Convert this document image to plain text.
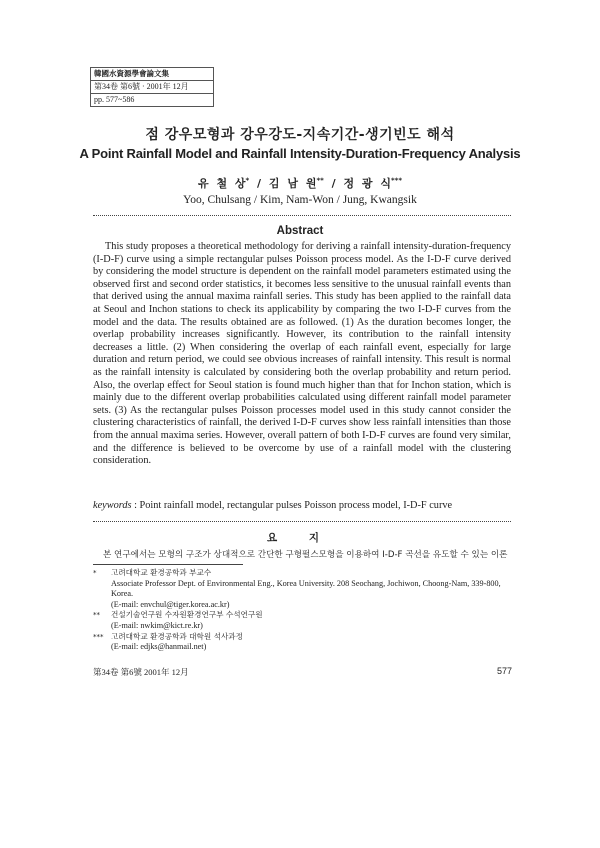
韓國水資源學會論文集
第34卷 第6號 · 2001年 12月
pp. 577~586
점 강우모형과 강우강도-지속기간-생기빈도 해석
A Point Rainfall Model and Rainfall Intensity-Duration-Frequency Analysis
유 철 상* / 김 남 원** / 정 광 식***
Yoo, Chulsang / Kim, Nam-Won / Jung, Kwangsik
Abstract
This study proposes a theoretical methodology for deriving a rainfall intensity-duration-frequency (I-D-F) curve using a simple rectangular pulses Poisson process model. As the I-D-F curve derived by considering the model structure is dependent on the rainfall model parameters estimated using the observed first and second order statistics, it becomes less sensitive to the unusual rainfall events than that derived using the annual maxima rainfall series. This study has been applied to the rainfall data at Seoul and Inchon stations to check its applicability by comparing the two I-D-F curves from the model and the data. The results obtained are as followed. (1) As the duration becomes longer, the overlap probability increases significantly. However, its contribution to the rainfall intensity decreases a little. (2) When considering the overlap of each rainfall event, especially for large duration and return period, we could see obvious increases of rainfall intensity. This result is normal as the rainfall intensity is calculated by considering both the overlap probability and return period. Also, the overlap effect for Seoul station is found much higher than that for Inchon station, which is mainly due to the different overlap probabilities calculated using different rainfall model parameter sets. (3) As the rectangular pulses Poisson processes model used in this study cannot consider the clustering characteristics of rainfall, the derived I-D-F curves show less rainfall intensities than those from the annual maxima series. However, overall pattern of both I-D-F curves are found very similar, and the difference is believed to be overcome by use of a rainfall model with the clustering consideration.
keywords : Point rainfall model, rectangular pulses Poisson process model, I-D-F curve
요 지
본 연구에서는 모형의 구조가 상대적으로 간단한 구형펄스모형을 이용하여 I-D-F 곡선을 유도할 수 있는 이론
* 고려대학교 환경공학과 부교수
Associate Professor Dept. of Environmental Eng., Korea University. 208 Seochang, Jochiwon, Choong-Nam, 339-800, Korea.
(E-mail: envchul@tiger.korea.ac.kr)
** 건설기술연구원 수자원환경연구부 수석연구원
(E-mail: nwkim@kict.re.kr)
*** 고려대학교 환경공학과 대학원 석사과정
(E-mail: edjks@hanmail.net)
第34卷 第6號 2001年 12月	577
